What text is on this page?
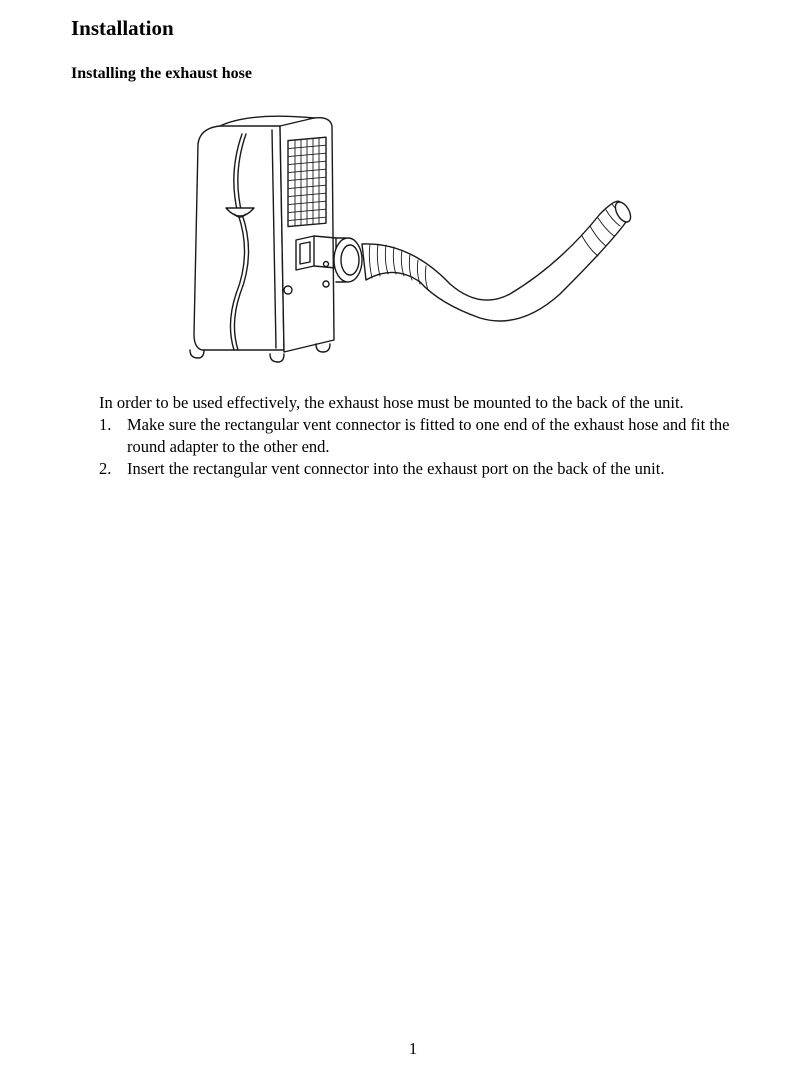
Installation
Installing the exhaust hose

In order to be used effectively, the exhaust hose must be mounted to the back of the unit.

1. Make sure the rectangular vent connector is fitted to one end of the exhaust hose and fit the round adapter to the other end.
2. Insert the rectangular vent connector into the exhaust port on the back of the unit.
1
